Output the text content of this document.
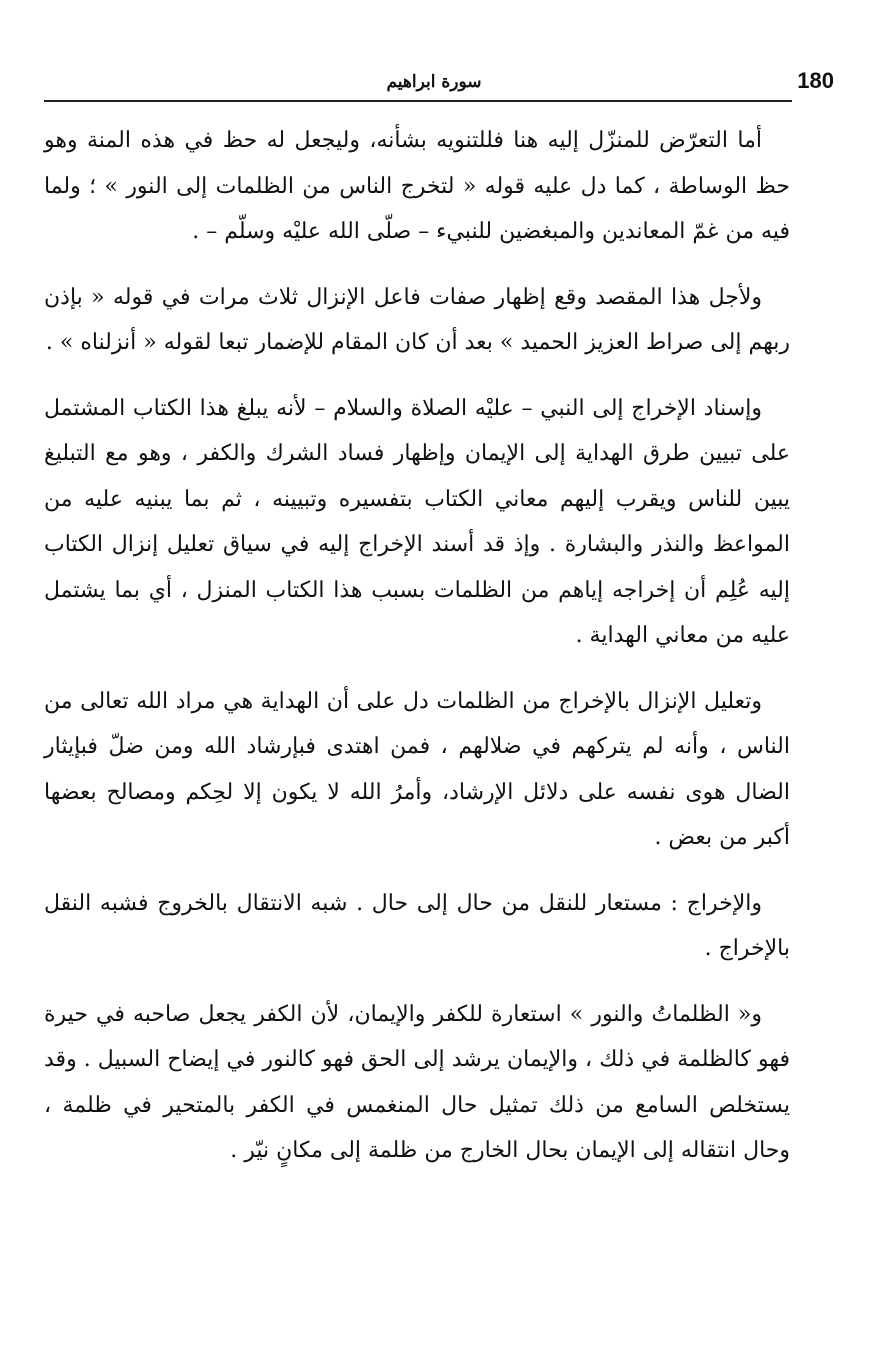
180
سورة ابراهيم

أما التعرّض للمنزّل إليه هنا فللتنويه بشأنه، وليجعل له حظ في هذه المنة وهو حظ الوساطة ، كما دل عليه قوله « لتخرج الناس من الظلمات إلى النور » ؛ ولما فيه من غمّ المعاندين والمبغضين للنبيء – صلّى الله عليْه وسلّم – .

ولأجل هذا المقصد وقع إظهار صفات فاعل الإنزال ثلاث مرات في قوله « بإذن ربهم إلى صراط العزيز الحميد » بعد أن كان المقام للإضمار تبعا لقوله « أنزلناه » .

وإسناد الإخراج إلى النبي – عليْه الصلاة والسلام – لأنه يبلغ هذا الكتاب المشتمل على تبيين طرق الهداية إلى الإيمان وإظهار فساد الشرك والكفر ، وهو مع التبليغ يبين للناس ويقرب إليهم معاني الكتاب بتفسيره وتبيينه ، ثم بما يبنيه عليه من المواعظ والنذر والبشارة . وإذ قد أسند الإخراج إليه في سياق تعليل إنزال الكتاب إليه عُلِم أن إخراجه إياهم من الظلمات بسبب هذا الكتاب المنزل ، أي بما يشتمل عليه من معاني الهداية .

وتعليل الإنزال بالإخراج من الظلمات دل على أن الهداية هي مراد الله تعالى من الناس ، وأنه لم يتركهم في ضلالهم ، فمن اهتدى فبإرشاد الله ومن ضلّ فبإيثار الضال هوى نفسه على دلائل الإرشاد، وأمرُ الله لا يكون إلا لحِكم ومصالح بعضها أكبر من بعض .

والإخراج : مستعار للنقل من حال إلى حال . شبه الانتقال بالخروج فشبه النقل بالإخراج .

و« الظلماتُ والنور » استعارة للكفر والإيمان، لأن الكفر يجعل صاحبه في حيرة فهو كالظلمة في ذلك ، والإيمان يرشد إلى الحق فهو كالنور في إيضاح السبيل . وقد يستخلص السامع من ذلك تمثيل حال المنغمس في الكفر بالمتحير في ظلمة ، وحال انتقاله إلى الإيمان بحال الخارج من ظلمة إلى مكانٍ نيّر .
